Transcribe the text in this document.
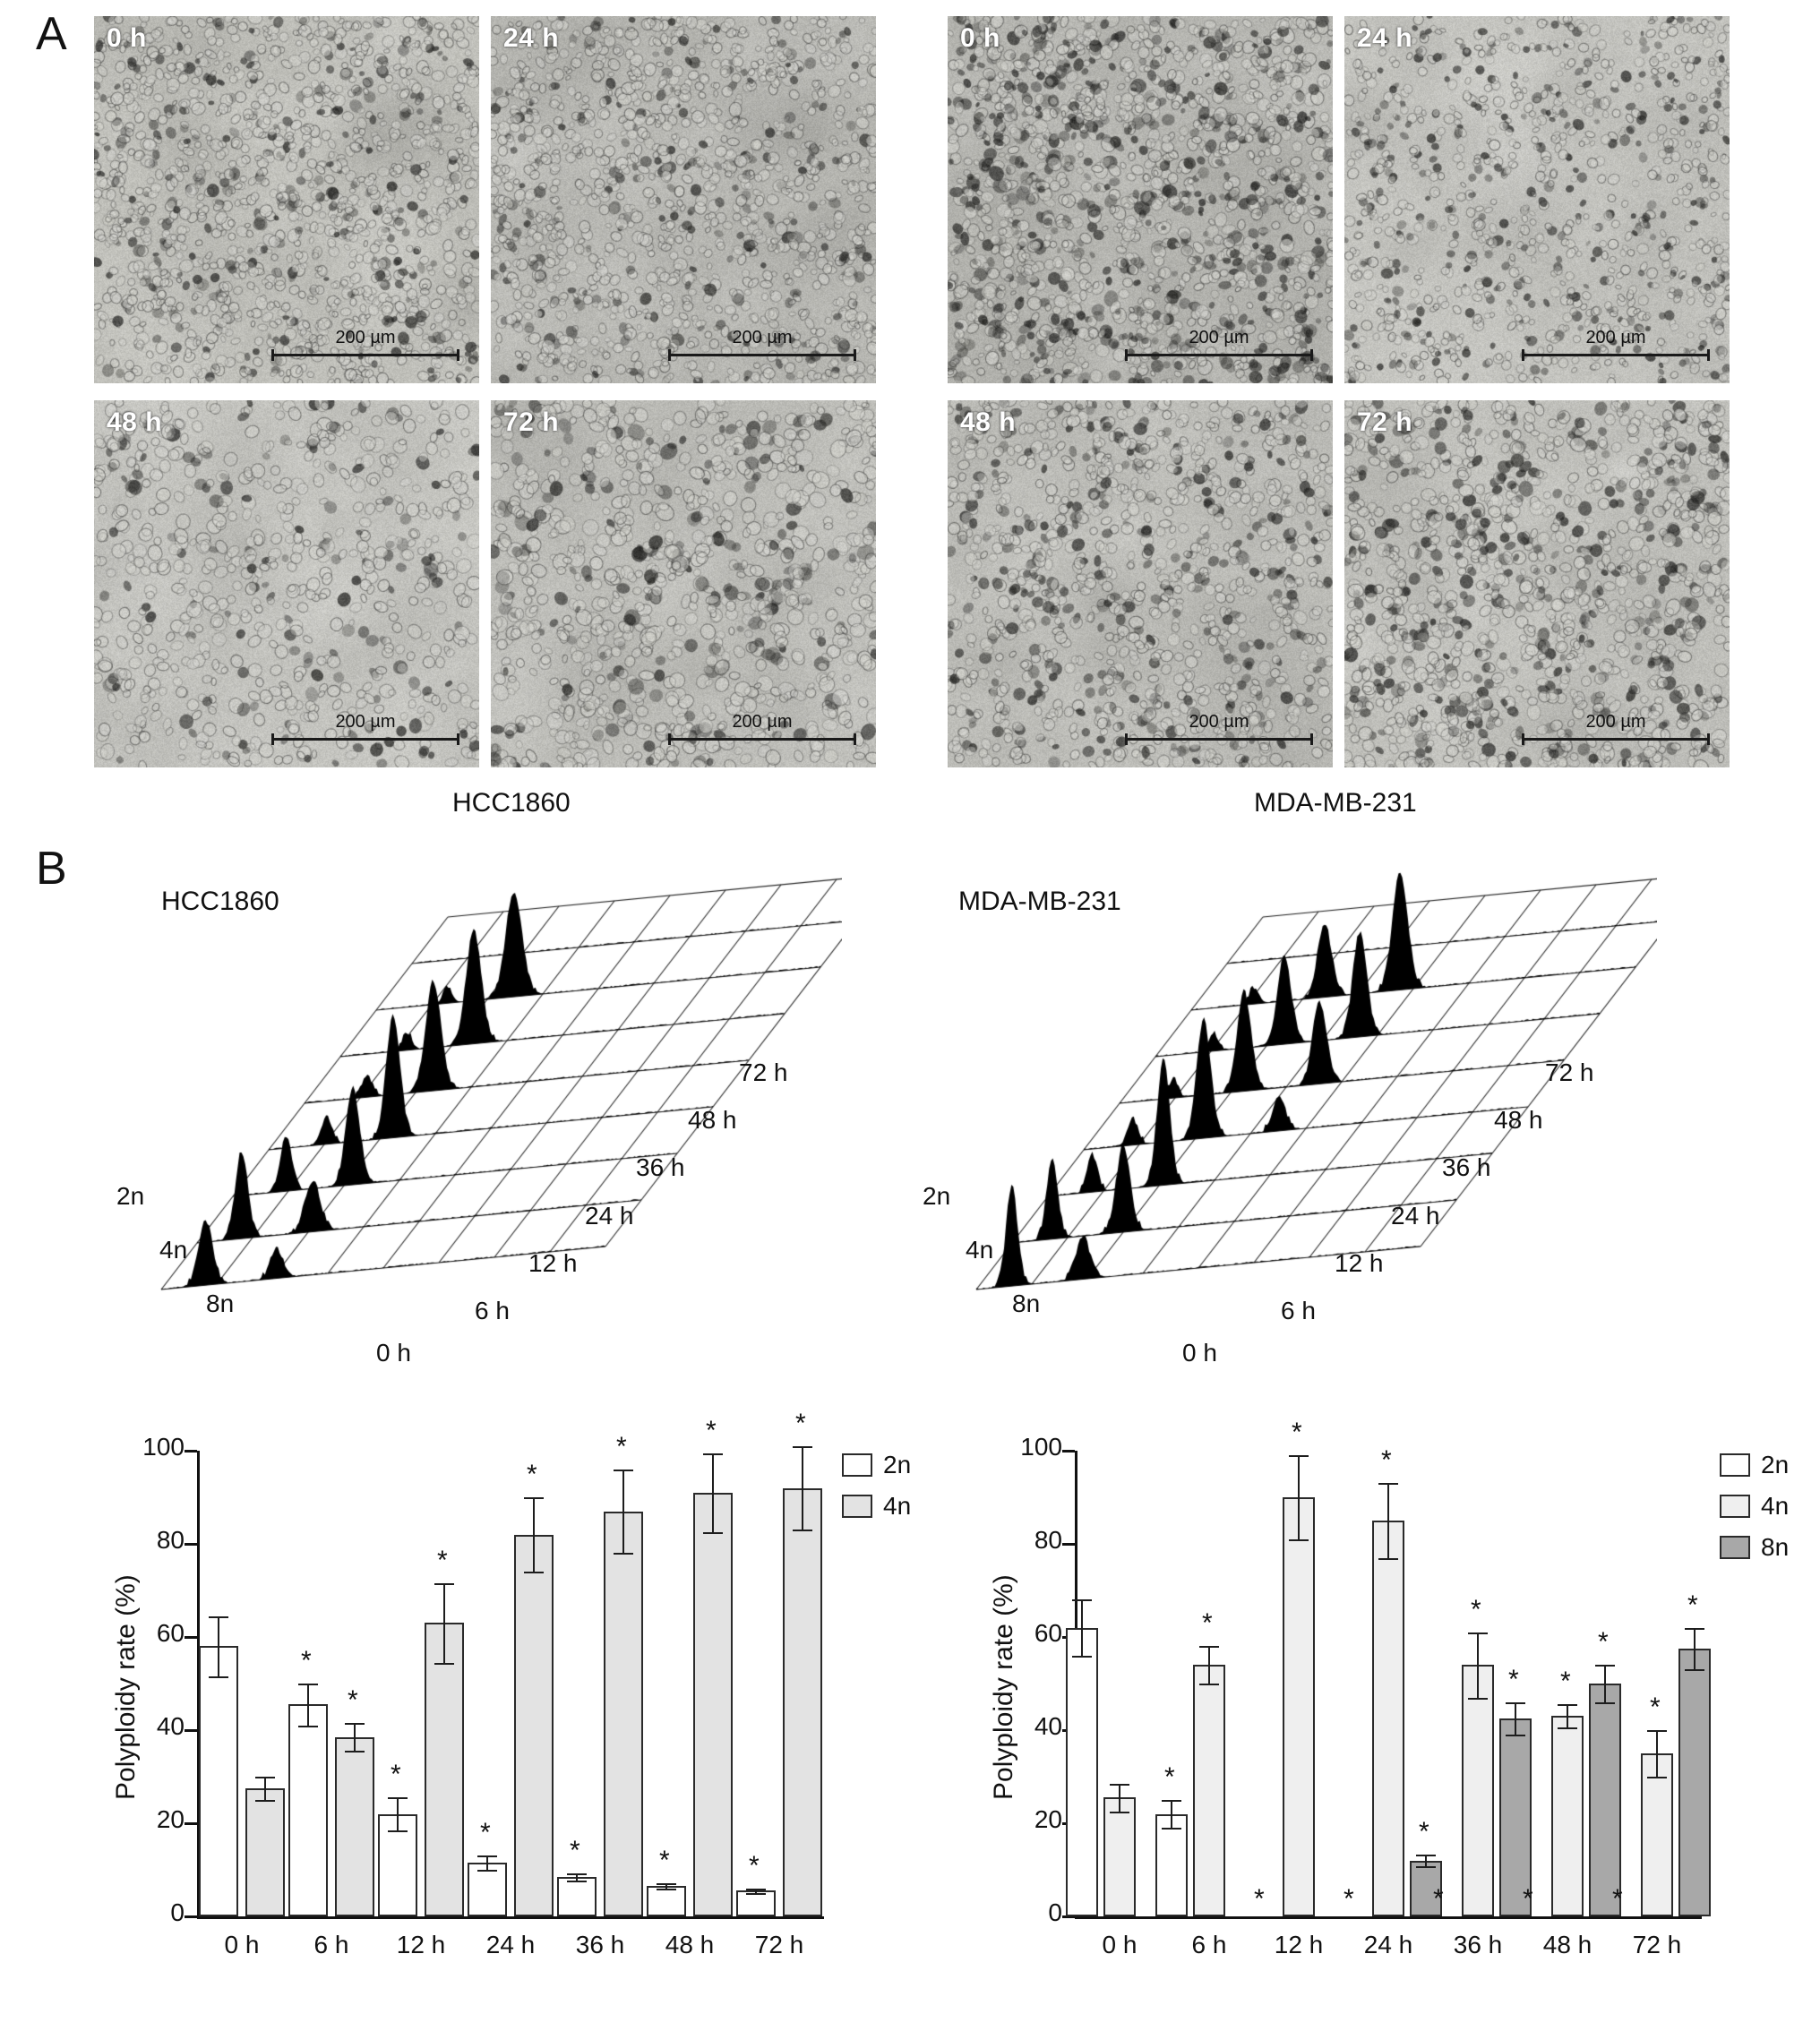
A 0 h
200 µm
24 h
200 µm
0 h
200 µm
24 h
200 µm
48 h
200 µm
72 h
200 µm
48 h
200 µm
72 h
200 µm
HCC1860	MDA-MB-231
B
2n
4n
8n
0 h
6 h
12 h
24 h
36 h
48 h
72 h
2n
4n
8n
0 h
6 h
12 h
24 h
36 h
48 h
72 h
0
20
40
60
80
100
Polyploidy rate (%)
0 h
*
*
6 h
*
*
12 h
*
*
24 h
*
*
36 h
*
*
48 h
*
*
72 h
2n
4n
0
20
40
60
80
100
Polyploidy rate (%)
0 h
*
*
6 h
*
*
12 h
*
*
*
24 h
*
*
*
36 h
*
*
*
48 h
*
*
*
72 h
2n
4n
8n
